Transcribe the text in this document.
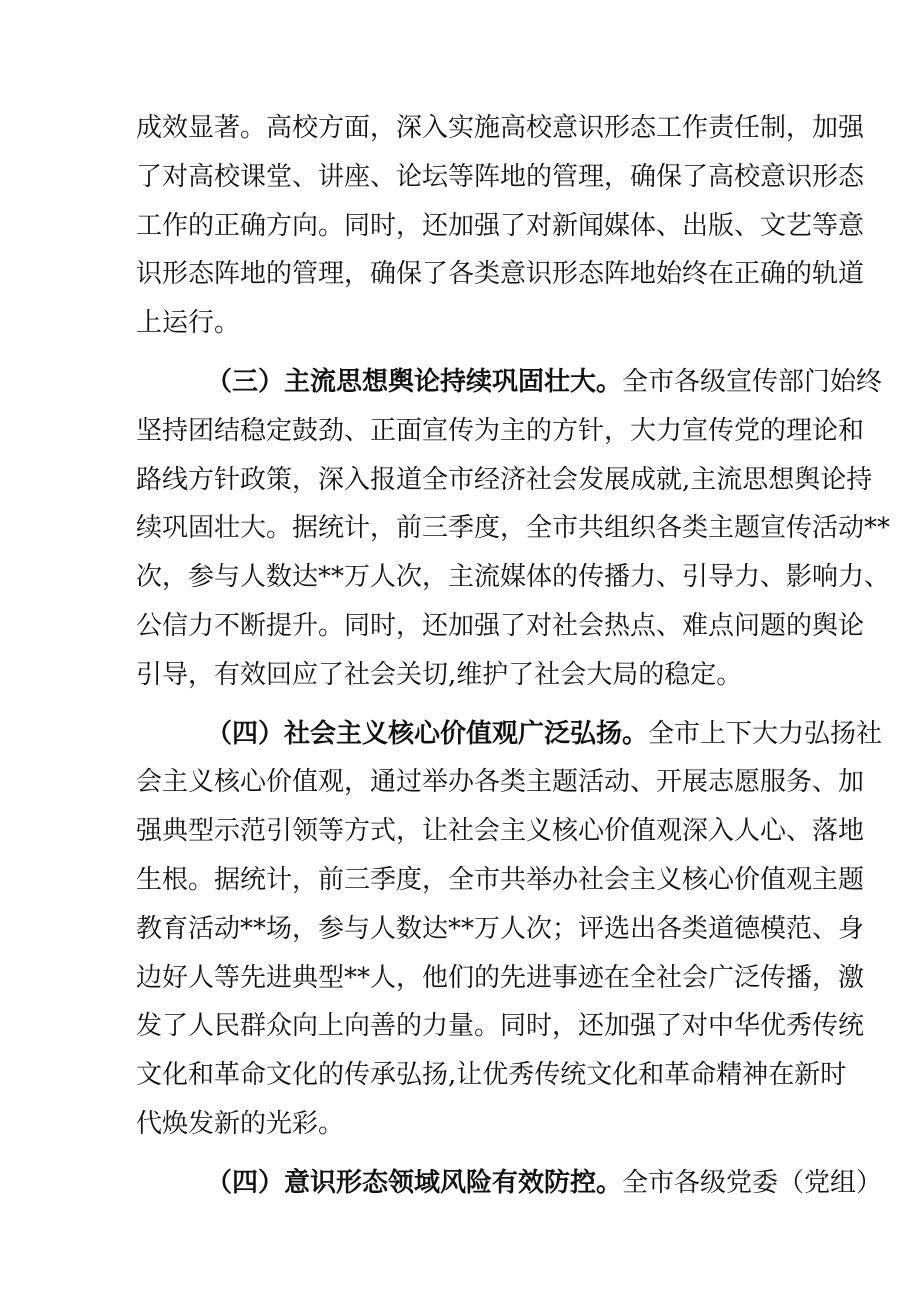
成效显著。高校方面，深入实施高校意识形态工作责任制，加强
了对高校课堂、讲座、论坛等阵地的管理，确保了高校意识形态
工作的正确方向。同时，还加强了对新闻媒体、出版、文艺等意
识形态阵地的管理，确保了各类意识形态阵地始终在正确的轨道
上运行。
（三）主流思想舆论持续巩固壮大。全市各级宣传部门始终
坚持团结稳定鼓劲、正面宣传为主的方针，大力宣传党的理论和
路线方针政策，深入报道全市经济社会发展成就,主流思想舆论持
续巩固壮大。据统计，前三季度，全市共组织各类主题宣传活动**
次，参与人数达**万人次，主流媒体的传播力、引导力、影响力、
公信力不断提升。同时，还加强了对社会热点、难点问题的舆论
引导，有效回应了社会关切,维护了社会大局的稳定。
（四）社会主义核心价值观广泛弘扬。全市上下大力弘扬社
会主义核心价值观，通过举办各类主题活动、开展志愿服务、加
强典型示范引领等方式，让社会主义核心价值观深入人心、落地
生根。据统计，前三季度，全市共举办社会主义核心价值观主题
教育活动**场，参与人数达**万人次；评选出各类道德模范、身
边好人等先进典型**人，他们的先进事迹在全社会广泛传播，激
发了人民群众向上向善的力量。同时，还加强了对中华优秀传统
文化和革命文化的传承弘扬,让优秀传统文化和革命精神在新时
代焕发新的光彩。
（四）意识形态领域风险有效防控。全市各级党委（党组）
